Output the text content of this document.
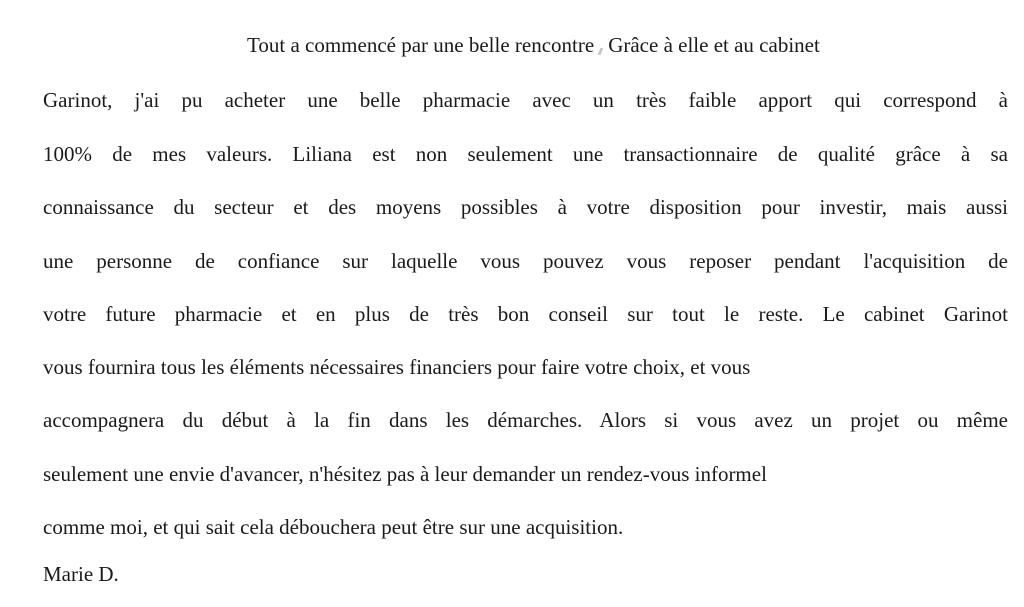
Tout a commencé par une belle rencontre Grâce à elle et au cabinet
Garinot, j'ai pu acheter une belle pharmacie avec un très faible apport qui correspond à
100% de mes valeurs. Liliana est non seulement une transactionnaire de qualité grâce à sa
connaissance du secteur et des moyens possibles à votre disposition pour investir, mais aussi
une personne de confiance sur laquelle vous pouvez vous reposer pendant l'acquisition de
votre future pharmacie et en plus de très bon conseil sur tout le reste. Le cabinet Garinot
vous fournira tous les éléments nécessaires financiers pour faire votre choix, et vous
accompagnera du début à la fin dans les démarches. Alors si vous avez un projet ou même
seulement une envie d'avancer, n'hésitez pas à leur demander un rendez-vous informel
comme moi, et qui sait cela débouchera peut être sur une acquisition.
Marie D.
